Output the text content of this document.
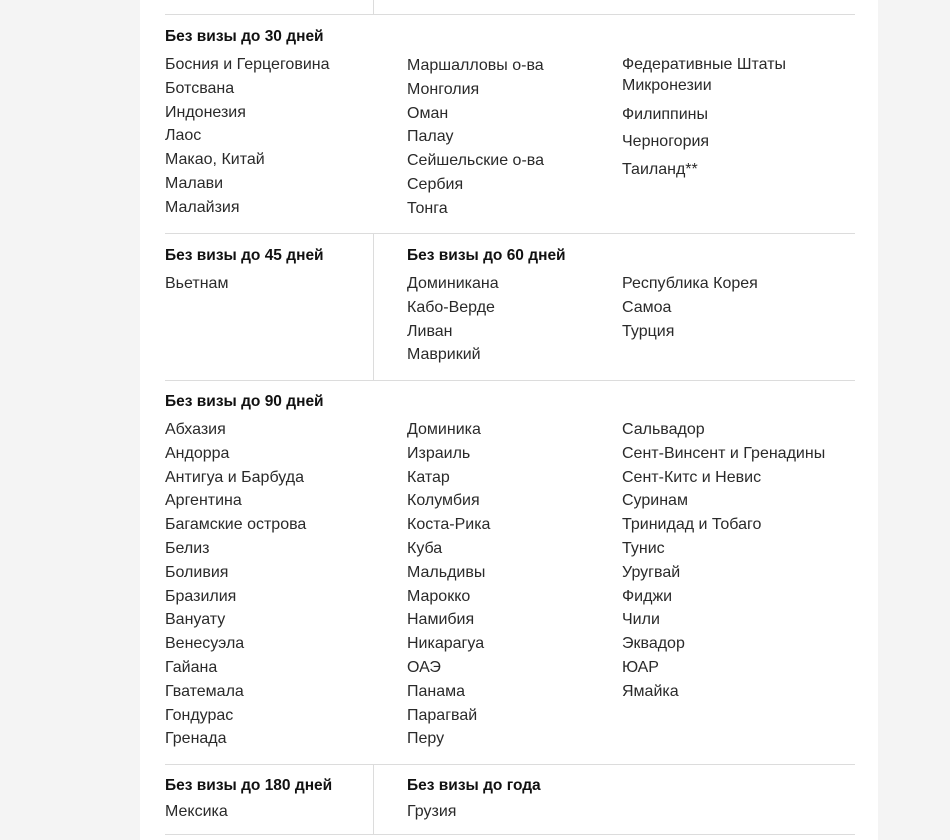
Без визы до 30 дней
Босния и Герцеговина
Ботсвана
Индонезия
Лаос
Макао, Китай
Малави
Малайзия
Маршалловы о-ва
Монголия
Оман
Палау
Сейшельские о-ва
Сербия
Тонга
Федеративные Штаты Микронезии
Филиппины
Черногория
Таиланд**
Без визы до 45 дней
Вьетнам
Без визы до 60 дней
Доминикана
Кабо-Верде
Ливан
Маврикий
Республика Корея
Самоа
Турция
Без визы до 90 дней
Абхазия
Андорра
Антигуа и Барбуда
Аргентина
Багамские острова
Белиз
Боливия
Бразилия
Вануату
Венесуэла
Гайана
Гватемала
Гондурас
Гренада
Доминика
Израиль
Катар
Колумбия
Коста-Рика
Куба
Мальдивы
Марокко
Намибия
Никарагуа
ОАЭ
Панама
Парагвай
Перу
Сальвадор
Сент-Винсент и Гренадины
Сент-Китс и Невис
Суринам
Тринидад и Тобаго
Тунис
Уругвай
Фиджи
Чили
Эквадор
ЮАР
Ямайка
Без визы до 180 дней
Мексика
Без визы до года
Грузия
